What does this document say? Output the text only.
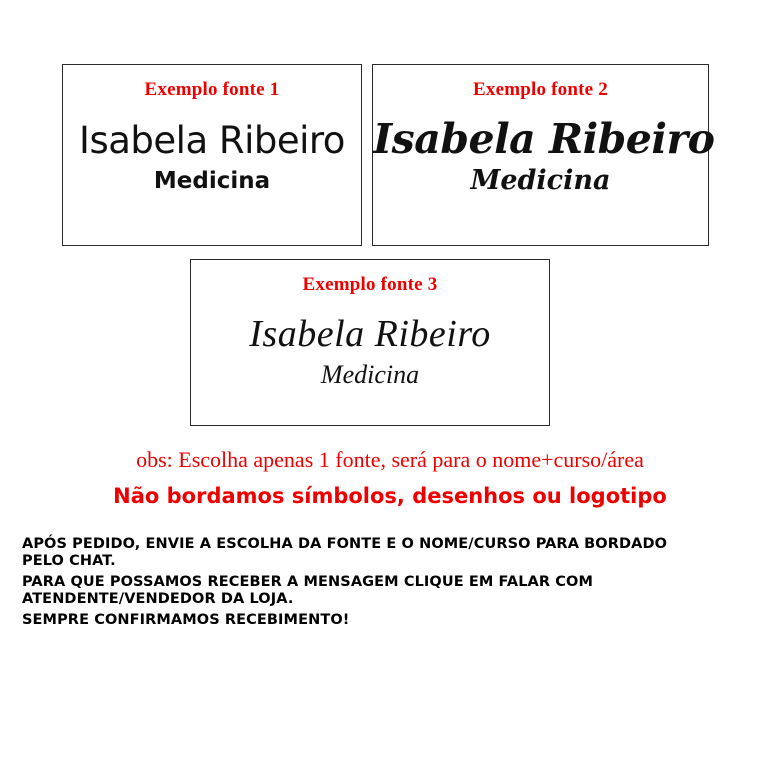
Exemplo fonte 1
Isabela Ribeiro
Medicina
Exemplo fonte 2
Isabela Ribeiro
Medicina
Exemplo fonte 3
Isabela Ribeiro
Medicina
obs: Escolha apenas 1 fonte, será para o nome+curso/área
Não bordamos símbolos, desenhos ou logotipo

APÓS PEDIDO, ENVIE A ESCOLHA DA FONTE E O NOME/CURSO PARA BORDADO
PELO CHAT.

PARA QUE POSSAMOS RECEBER A MENSAGEM CLIQUE EM FALAR COM
ATENDENTE/VENDEDOR DA LOJA.

SEMPRE CONFIRMAMOS RECEBIMENTO!
